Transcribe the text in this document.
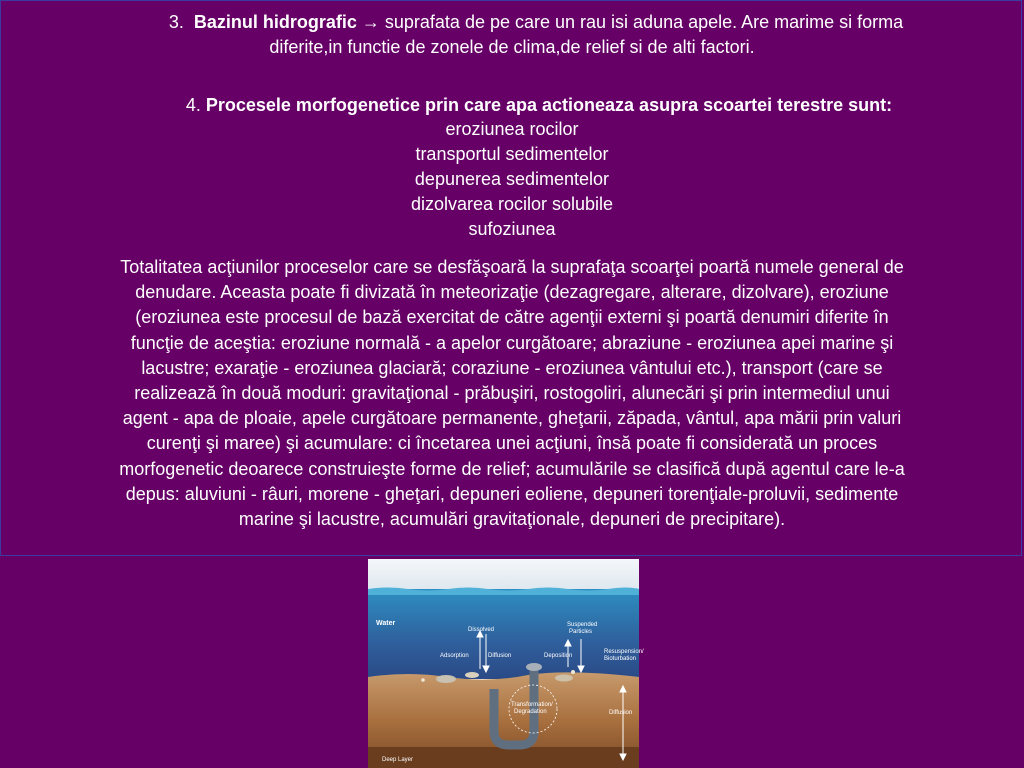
3. Bazinul hidrografic → suprafata de pe care un rau isi aduna apele. Are marime si forma
diferite,in functie de zonele de clima,de relief si de alti factori.

4. Procesele morfogenetice prin care apa actioneaza asupra scoartei terestre sunt:

eroziunea rocilor
transportul sedimentelor
depunerea sedimentelor
dizolvarea rocilor solubile
sufoziunea

Totalitatea acţiunilor proceselor care se desfăşoară la suprafaţa scoarţei poartă numele general de
denudare. Aceasta poate fi divizată în meteorizaţie (dezagregare, alterare, dizolvare), eroziune
(eroziunea este procesul de bază exercitat de către agenţii externi şi poartă denumiri diferite în
funcţie de aceştia: eroziune normală - a apelor curgătoare; abraziune - eroziunea apei marine şi
lacustre; exaraţie - eroziunea glaciară; coraziune - eroziunea vântului etc.), transport (care se
realizează în două moduri: gravitaţional - prăbuşiri, rostogoliri, alunecări şi prin intermediul unui
agent - apa de ploaie, apele curgătoare permanente, gheţarii, zăpada, vântul, apa mării prin valuri
curenţi şi maree) şi acumulare: ci încetarea unei acţiuni, însă poate fi considerată un proces
morfogenetic deoarece construieşte forme de relief; acumulările se clasifică după agentul care le-a
depus: aluviuni - râuri, morene - gheţari, depuneri eoliene, depuneri torenţiale-proluvii, sedimente
marine şi lacustre, acumulări gravitaţionale, depuneri de precipitare).

Water
Dissolved
Suspended
Particles
Adsorption	Diffusion	Deposition
Resuspension/
Bioturbation
Transformation/
Degradation	Diffusion
Deep Layer
